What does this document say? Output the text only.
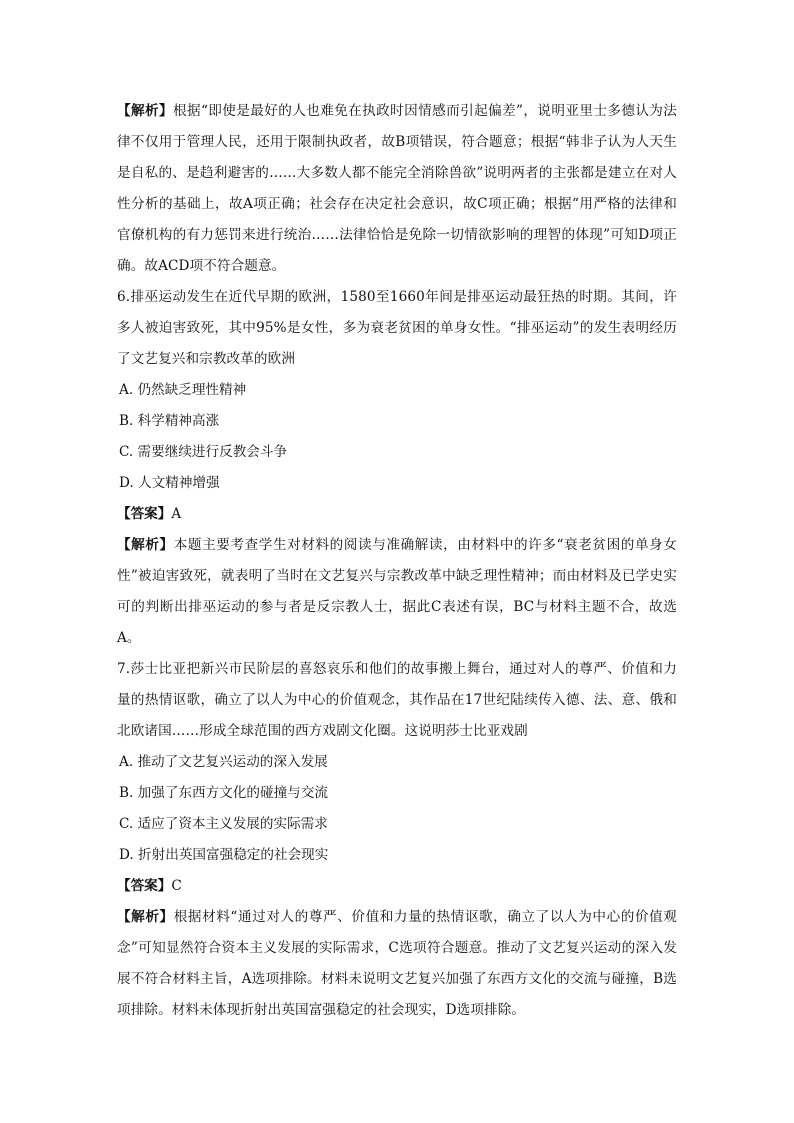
【解析】根据“即使是最好的人也难免在执政时因情感而引起偏差”，说明亚里士多德认为法律不仅用于管理人民，还用于限制执政者，故B项错误，符合题意；根据“韩非子认为人天生是自私的、是趋利避害的……大多数人都不能完全消除兽欲”说明两者的主张都是建立在对人性分析的基础上，故A项正确；社会存在决定社会意识，故C项正确；根据“用严格的法律和官僚机构的有力惩罚来进行统治……法律恰恰是免除一切情欲影响的理智的体现”可知D项正确。故ACD项不符合题意。

6.排巫运动发生在近代早期的欧洲，1580至1660年间是排巫运动最狂热的时期。其间，许多人被迫害致死，其中95%是女性，多为衰老贫困的单身女性。“排巫运动”的发生表明经历了文艺复兴和宗教改革的欧洲

A. 仍然缺乏理性精神

B. 科学精神高涨

C. 需要继续进行反教会斗争

D. 人文精神增强

【答案】A

【解析】本题主要考查学生对材料的阅读与准确解读，由材料中的许多“衰老贫困的单身女性”被迫害致死，就表明了当时在文艺复兴与宗教改革中缺乏理性精神；而由材料及已学史实可的判断出排巫运动的参与者是反宗教人士，据此C表述有误，BC与材料主题不合，故选A。

7.莎士比亚把新兴市民阶层的喜怒哀乐和他们的故事搬上舞台，通过对人的尊严、价值和力量的热情讴歌，确立了以人为中心的价值观念，其作品在17世纪陆续传入德、法、意、俄和北欧诸国……形成全球范围的西方戏剧文化圈。这说明莎士比亚戏剧

A. 推动了文艺复兴运动的深入发展

B. 加强了东西方文化的碰撞与交流

C. 适应了资本主义发展的实际需求

D. 折射出英国富强稳定的社会现实

【答案】C

【解析】根据材料“通过对人的尊严、价值和力量的热情讴歌，确立了以人为中心的价值观念”可知显然符合资本主义发展的实际需求，C选项符合题意。推动了文艺复兴运动的深入发展不符合材料主旨，A选项排除。材料未说明文艺复兴加强了东西方文化的交流与碰撞，B选项排除。材料未体现折射出英国富强稳定的社会现实，D选项排除。
